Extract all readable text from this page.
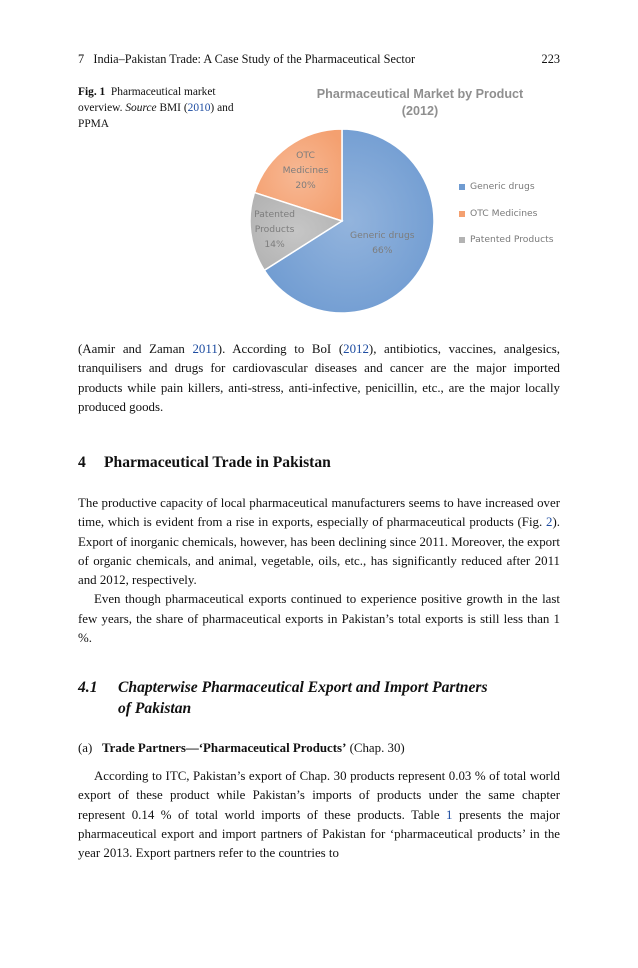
7   India–Pakistan Trade: A Case Study of the Pharmaceutical Sector	223
Fig. 1 Pharmaceutical market overview. Source BMI (2010) and PPMA
Pharmaceutical Market by Product
(2012)
Generic drugs
66%
OTC
Medicines
20%
Patented
Products
14%
Generic drugs
OTC Medicines
Patented Products
(Aamir and Zaman 2011). According to BoI (2012), antibiotics, vaccines, analgesics, tranquilisers and drugs for cardiovascular diseases and cancer are the major imported products while pain killers, anti-stress, anti-infective, penicillin, etc., are the major locally produced goods.
4 Pharmaceutical Trade in Pakistan
The productive capacity of local pharmaceutical manufacturers seems to have increased over time, which is evident from a rise in exports, especially of pharmaceutical products (Fig. 2). Export of inorganic chemicals, however, has been declining since 2011. Moreover, the export of organic chemicals, and animal, vegetable, oils, etc., has significantly reduced after 2011 and 2012, respectively.
Even though pharmaceutical exports continued to experience positive growth in the last few years, the share of pharmaceutical exports in Pakistan’s total exports is still less than 1 %.
4.1 Chapterwise Pharmaceutical Export and Import Partners of Pakistan
(a) Trade Partners—‘Pharmaceutical Products’ (Chap. 30)
According to ITC, Pakistan’s export of Chap. 30 products represent 0.03 % of total world export of these product while Pakistan’s imports of products under the same chapter represent 0.14 % of total world imports of these products. Table 1 presents the major pharmaceutical export and import partners of Pakistan for ‘pharmaceutical products’ in the year 2013. Export partners refer to the countries to
